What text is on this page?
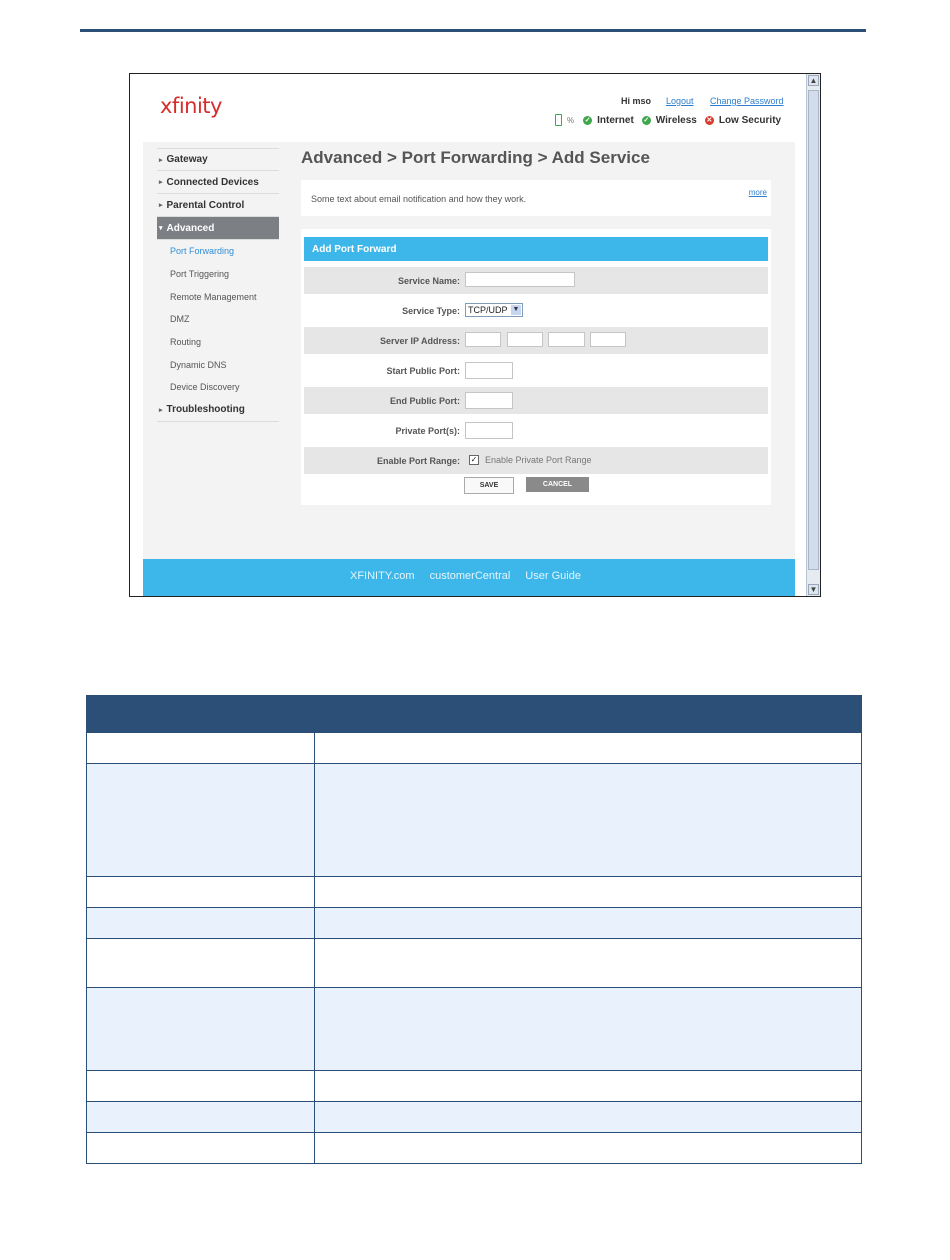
xfinity	Hi mso Logout Change Password
% ✓ Internet ✓ Wireless ✕ Low Security
▸ Gateway
▸ Connected Devices
▸ Parental Control
▾ Advanced
Port Forwarding
Port Triggering
Remote Management
DMZ
Routing
Dynamic DNS
Device Discovery
▸ Troubleshooting
Advanced > Port Forwarding > Add Service
Some text about email notification and how they work.
more
Add Port Forward
Service Name:
Service Type: TCP/UDP ▼
Server IP Address:
Start Public Port:
End Public Port:
Private Port(s):
Enable Port Range: ✓ Enable Private Port Range
SAVE	CANCEL
XFINITY.com customerCentral User Guide
▲
▼
